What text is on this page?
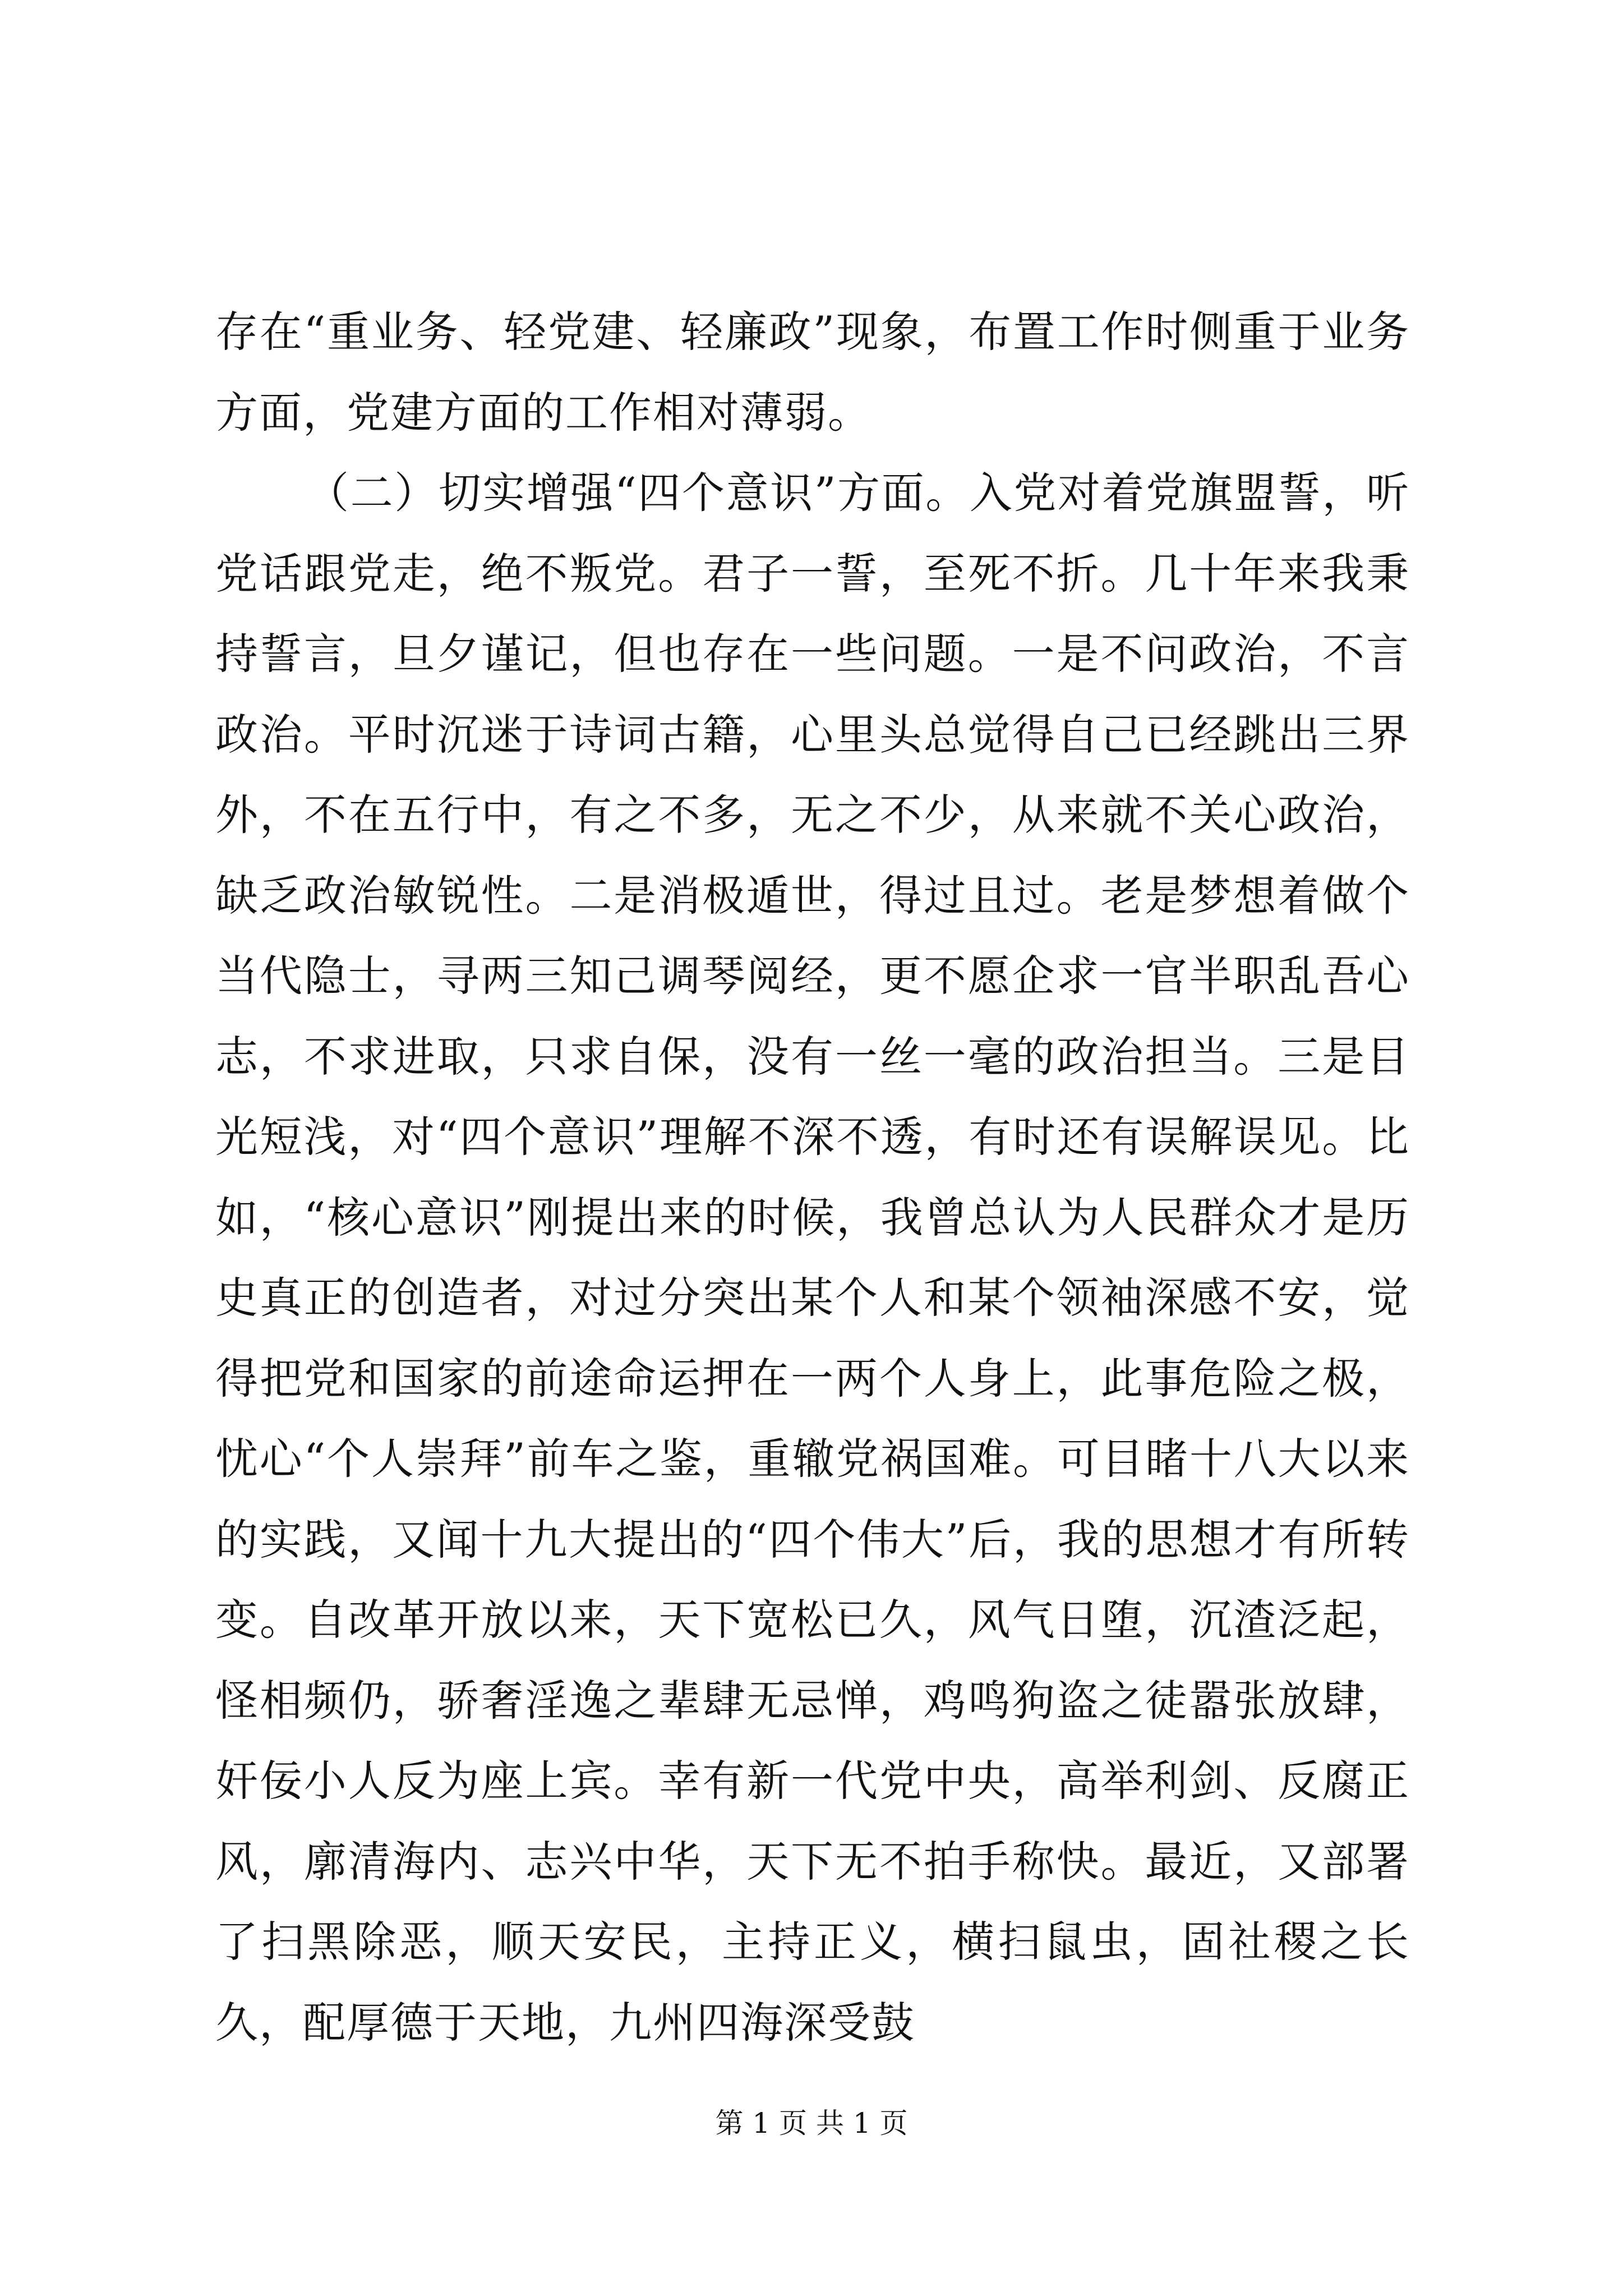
存在“重业务、轻党建、轻廉政”现象，布置工作时侧重于业务方面，党建方面的工作相对薄弱。

（二）切实增强“四个意识”方面。入党对着党旗盟誓，听党话跟党走，绝不叛党。君子一誓，至死不折。几十年来我秉持誓言，旦夕谨记，但也存在一些问题。一是不问政治，不言政治。平时沉迷于诗词古籍，心里头总觉得自己已经跳出三界外，不在五行中，有之不多，无之不少，从来就不关心政治，缺乏政治敏锐性。二是消极遁世，得过且过。老是梦想着做个当代隐士，寻两三知己调琴阅经，更不愿企求一官半职乱吾心志，不求进取，只求自保，没有一丝一毫的政治担当。三是目光短浅，对“四个意识”理解不深不透，有时还有误解误见。比如，“核心意识”刚提出来的时候，我曾总认为人民群众才是历史真正的创造者，对过分突出某个人和某个领袖深感不安，觉得把党和国家的前途命运押在一两个人身上，此事危险之极，忧心“个人崇拜”前车之鉴，重辙党祸国难。可目睹十八大以来的实践，又闻十九大提出的“四个伟大”后，我的思想才有所转变。自改革开放以来，天下宽松已久，风气日堕，沉渣泛起，怪相频仍，骄奢淫逸之辈肆无忌惮，鸡鸣狗盗之徒嚣张放肆，奸佞小人反为座上宾。幸有新一代党中央，高举利剑、反腐正风，廓清海内、志兴中华，天下无不拍手称快。最近，又部署了扫黑除恶，顺天安民，主持正义，横扫鼠虫，固社稷之长久，配厚德于天地，九州四海深受鼓

第 1 页 共 1 页
